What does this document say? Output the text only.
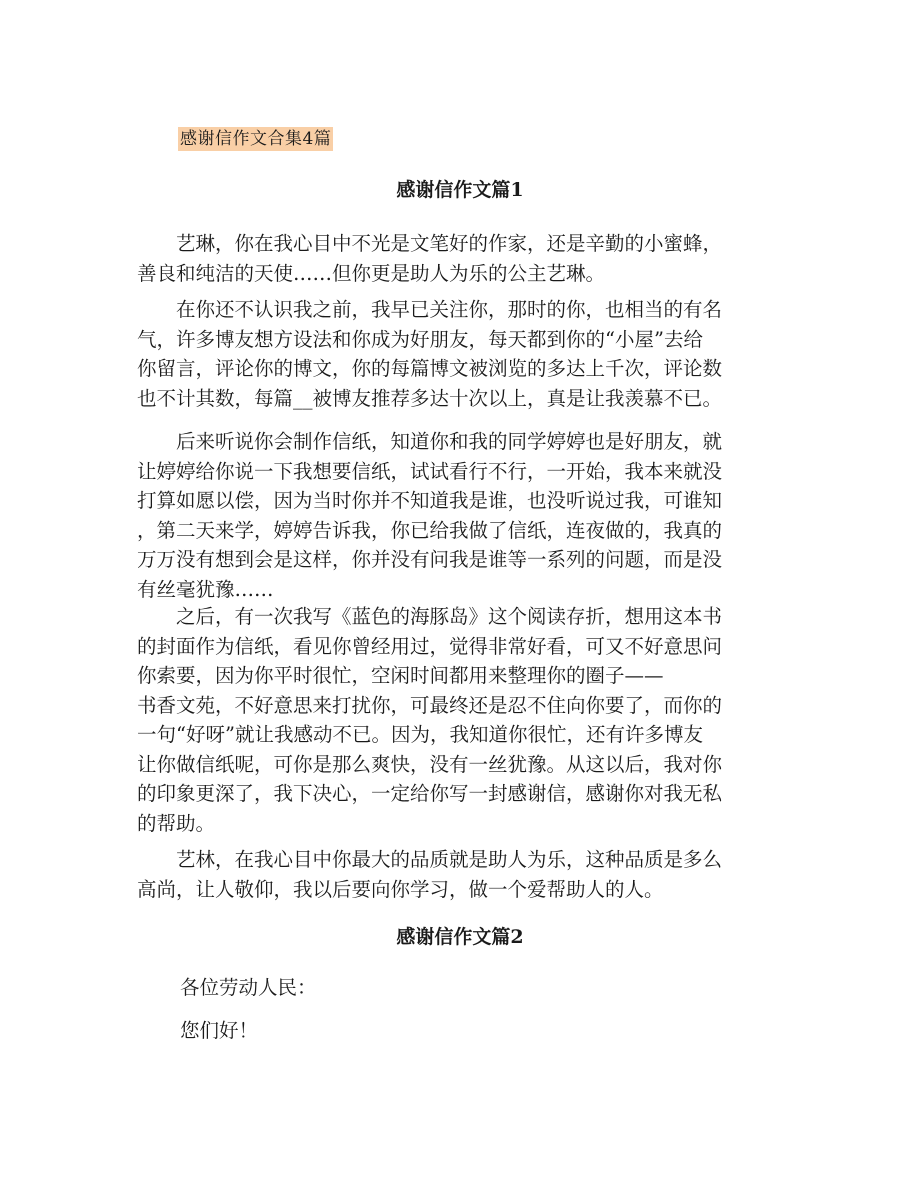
感谢信作文合集4篇
感谢信作文篇1

艺琳，你在我心目中不光是文笔好的作家，还是辛勤的小蜜蜂，
善良和纯洁的天使……但你更是助人为乐的公主艺琳。

在你还不认识我之前，我早已关注你，那时的你，也相当的有名
气，许多博友想方设法和你成为好朋友，每天都到你的“小屋”去给
你留言，评论你的博文，你的每篇博文被浏览的多达上千次，评论数
也不计其数，每篇__被博友推荐多达十次以上，真是让我羡慕不已。

后来听说你会制作信纸，知道你和我的同学婷婷也是好朋友，就
让婷婷给你说一下我想要信纸，试试看行不行，一开始，我本来就没
打算如愿以偿，因为当时你并不知道我是谁，也没听说过我，可谁知
，第二天来学，婷婷告诉我，你已给我做了信纸，连夜做的，我真的
万万没有想到会是这样，你并没有问我是谁等一系列的问题，而是没
有丝毫犹豫……

之后，有一次我写《蓝色的海豚岛》这个阅读存折，想用这本书
的封面作为信纸，看见你曾经用过，觉得非常好看，可又不好意思问
你索要，因为你平时很忙，空闲时间都用来整理你的圈子——
书香文苑，不好意思来打扰你，可最终还是忍不住向你要了，而你的
一句“好呀”就让我感动不已。因为，我知道你很忙，还有许多博友
让你做信纸呢，可你是那么爽快，没有一丝犹豫。从这以后，我对你
的印象更深了，我下决心，一定给你写一封感谢信，感谢你对我无私
的帮助。

艺林，在我心目中你最大的品质就是助人为乐，这种品质是多么
高尚，让人敬仰，我以后要向你学习，做一个爱帮助人的人。

感谢信作文篇2
各位劳动人民：
您们好！
